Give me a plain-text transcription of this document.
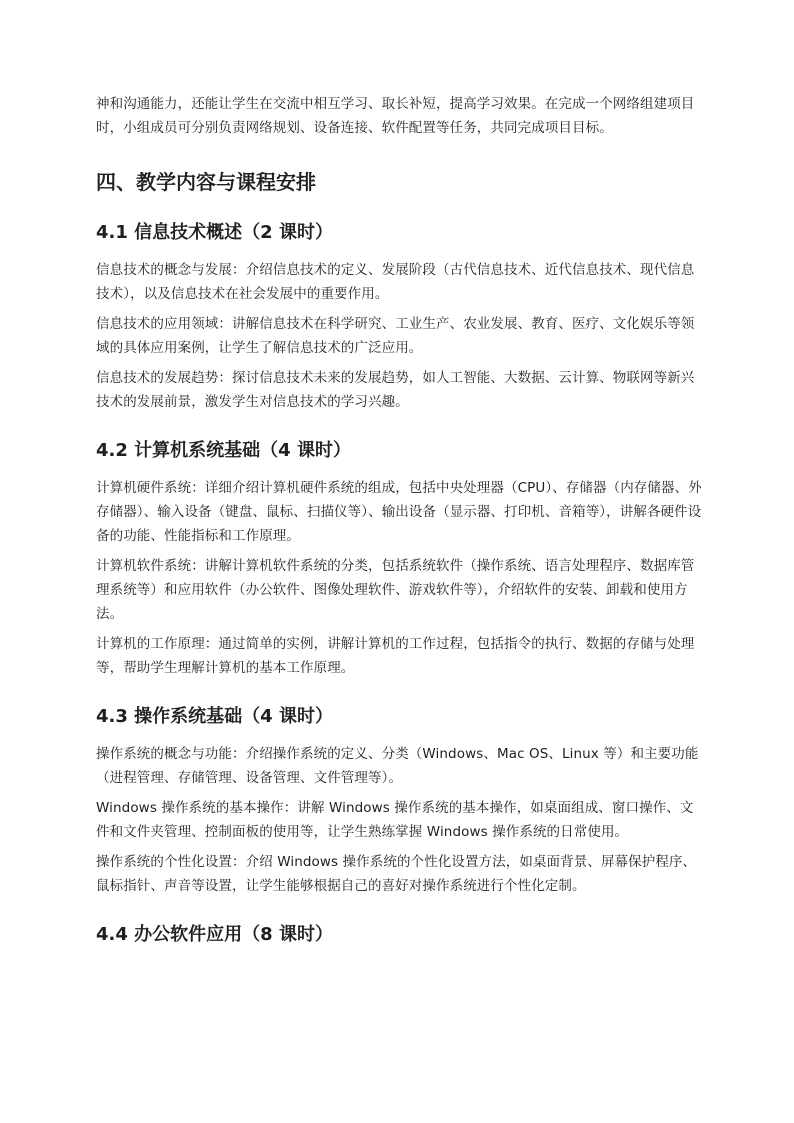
神和沟通能力，还能让学生在交流中相互学习、取长补短，提高学习效果。在完成一个网络组建项目时，小组成员可分别负责网络规划、设备连接、软件配置等任务，共同完成项目目标。

四、教学内容与课程安排
4.1 信息技术概述（2 课时）

信息技术的概念与发展：介绍信息技术的定义、发展阶段（古代信息技术、近代信息技术、现代信息技术），以及信息技术在社会发展中的重要作用。

信息技术的应用领域：讲解信息技术在科学研究、工业生产、农业发展、教育、医疗、文化娱乐等领域的具体应用案例，让学生了解信息技术的广泛应用。

信息技术的发展趋势：探讨信息技术未来的发展趋势，如人工智能、大数据、云计算、物联网等新兴技术的发展前景，激发学生对信息技术的学习兴趣。

4.2 计算机系统基础（4 课时）

计算机硬件系统：详细介绍计算机硬件系统的组成，包括中央处理器（CPU）、存储器（内存储器、外存储器）、输入设备（键盘、鼠标、扫描仪等）、输出设备（显示器、打印机、音箱等），讲解各硬件设备的功能、性能指标和工作原理。

计算机软件系统：讲解计算机软件系统的分类，包括系统软件（操作系统、语言处理程序、数据库管理系统等）和应用软件（办公软件、图像处理软件、游戏软件等），介绍软件的安装、卸载和使用方法。

计算机的工作原理：通过简单的实例，讲解计算机的工作过程，包括指令的执行、数据的存储与处理等，帮助学生理解计算机的基本工作原理。

4.3 操作系统基础（4 课时）

操作系统的概念与功能：介绍操作系统的定义、分类（Windows、Mac OS、Linux 等）和主要功能（进程管理、存储管理、设备管理、文件管理等）。

Windows 操作系统的基本操作：讲解 Windows 操作系统的基本操作，如桌面组成、窗口操作、文件和文件夹管理、控制面板的使用等，让学生熟练掌握 Windows 操作系统的日常使用。

操作系统的个性化设置：介绍 Windows 操作系统的个性化设置方法，如桌面背景、屏幕保护程序、鼠标指针、声音等设置，让学生能够根据自己的喜好对操作系统进行个性化定制。

4.4 办公软件应用（8 课时）
